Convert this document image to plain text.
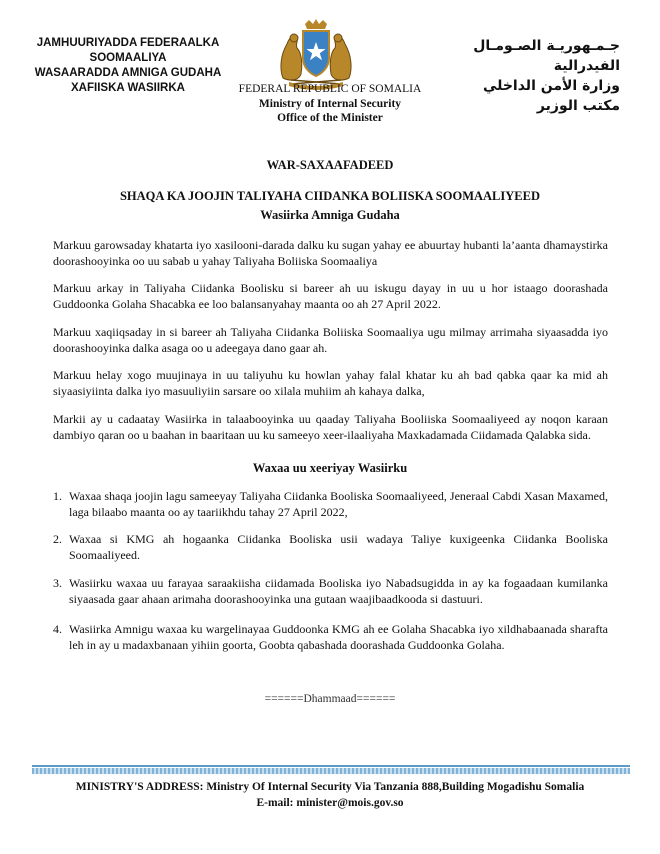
JAMHUURIYADDA FEDERAALKA
SOOMAALIYA
WASAARADDA AMNIGA GUDAHA
XAFIISKA WASIIRKA
جـمـهوريـة الصـومـال الفيدرالية
وزارة الأمن الداخلي
مكتب الوزير
FEDERAL REPUBLIC OF SOMALIA
Ministry of Internal Security
Office of the Minister
WAR-SAXAAFADEED
SHAQA KA JOOJIN TALIYAHA CIIDANKA BOLIISKA SOOMAALIYEED
Wasiirka Amniga Gudaha

Markuu garowsaday khatarta iyo xasilooni-darada dalku ku sugan yahay ee abuurtay hubanti la’aanta dhamaystirka doorashooyinka oo uu sabab u yahay Taliyaha Boliiska Soomaaliya

Markuu arkay in Taliyaha Ciidanka Boolisku si bareer ah uu iskugu dayay in uu u hor istaago doorashada Guddoonka Golaha Shacabka ee loo balansanyahay maanta oo ah 27 April 2022.

Markuu xaqiiqsaday in si bareer ah Taliyaha Ciidanka Boliiska Soomaaliya ugu milmay arrimaha siyaasadda iyo doorashooyinka dalka asaga oo u adeegaya dano gaar ah.

Markuu helay xogo muujinaya in uu taliyuhu ku howlan yahay falal khatar ku ah bad qabka qaar ka mid ah siyaasiyiinta dalka iyo masuuliyiin sarsare oo xilala muhiim ah kahaya dalka,

Markii ay u cadaatay Wasiirka in talaabooyinka uu qaaday Taliyaha Booliiska Soomaaliyeed ay noqon karaan dambiyo qaran oo u baahan in baaritaan uu ku sameeyo xeer-ilaaliyaha Maxkadamada Ciidamada Qalabka sida.

Waxaa uu xeeriyay Wasiirku
1. Waxaa shaqa joojin lagu sameeyay Taliyaha Ciidanka Booliska Soomaaliyeed, Jeneraal Cabdi Xasan Maxamed, laga bilaabo maanta oo ay taariikhdu tahay 27 April 2022,
2. Waxaa si KMG ah hogaanka Ciidanka Booliska usii wadaya Taliye kuxigeenka Ciidanka Booliska Soomaaliyeed.
3. Wasiirku waxaa uu farayaa saraakiisha ciidamada Booliska iyo Nabadsugidda in ay ka fogaadaan kumilanka siyaasada gaar ahaan arimaha doorashooyinka una gutaan waajibaadkooda si dastuuri.
4. Wasiirka Amnigu waxaa ku wargelinayaa Guddoonka KMG ah ee Golaha Shacabka iyo xildhabaanada sharafta leh in ay u madaxbanaan yihiin goorta, Goobta qabashada doorashada Guddoonka Golaha.
======Dhammaad======
MINISTRY'S ADDRESS: Ministry Of Internal Security Via Tanzania 888,Building Mogadishu Somalia
E-mail: minister@mois.gov.so
